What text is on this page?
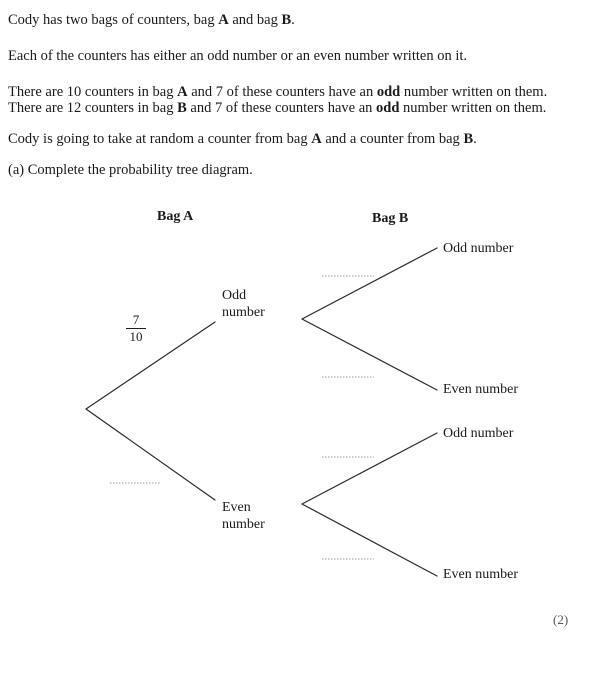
Cody has two bags of counters, bag A and bag B.

Each of the counters has either an odd number or an even number written on it.

There are 10 counters in bag A and 7 of these counters have an odd number written on them.

There are 12 counters in bag B and 7 of these counters have an odd number written on them.

Cody is going to take at random a counter from bag A and a counter from bag B.

(a) Complete the probability tree diagram.

Bag A	Bag B
7
10
Odd
number
Even
number
Odd number
Even number
Odd number
Even number
(2)
